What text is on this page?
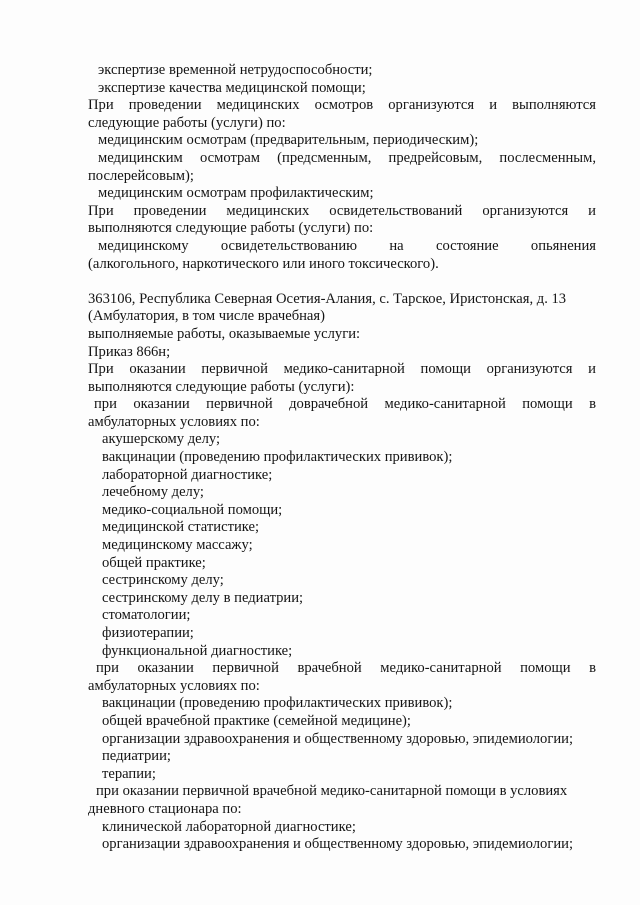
экспертизе временной нетрудоспособности;
экспертизе качества медицинской помощи;
При проведении медицинских осмотров организуются и выполняются
следующие работы (услуги) по:
медицинским осмотрам (предварительным, периодическим);
медицинским осмотрам (предсменным, предрейсовым, послесменным,
послерейсовым);
медицинским осмотрам профилактическим;
При проведении медицинских освидетельствований организуются и
выполняются следующие работы (услуги) по:
медицинскому освидетельствованию на состояние опьянения
(алкогольного, наркотического или иного токсического).
363106, Республика Северная Осетия-Алания, с. Тарское, Иристонская, д. 13
(Амбулатория, в том числе врачебная)
выполняемые работы, оказываемые услуги:
Приказ 866н;
При оказании первичной медико-санитарной помощи организуются и
выполняются следующие работы (услуги):
при оказании первичной доврачебной медико-санитарной помощи в
амбулаторных условиях по:
акушерскому делу;
вакцинации (проведению профилактических прививок);
лабораторной диагностике;
лечебному делу;
медико-социальной помощи;
медицинской статистике;
медицинскому массажу;
общей практике;
сестринскому делу;
сестринскому делу в педиатрии;
стоматологии;
физиотерапии;
функциональной диагностике;
при оказании первичной врачебной медико-санитарной помощи в
амбулаторных условиях по:
вакцинации (проведению профилактических прививок);
общей врачебной практике (семейной медицине);
организации здравоохранения и общественному здоровью, эпидемиологии;
педиатрии;
терапии;
при оказании первичной врачебной медико-санитарной помощи в условиях
дневного стационара по:
клинической лабораторной диагностике;
организации здравоохранения и общественному здоровью, эпидемиологии;
